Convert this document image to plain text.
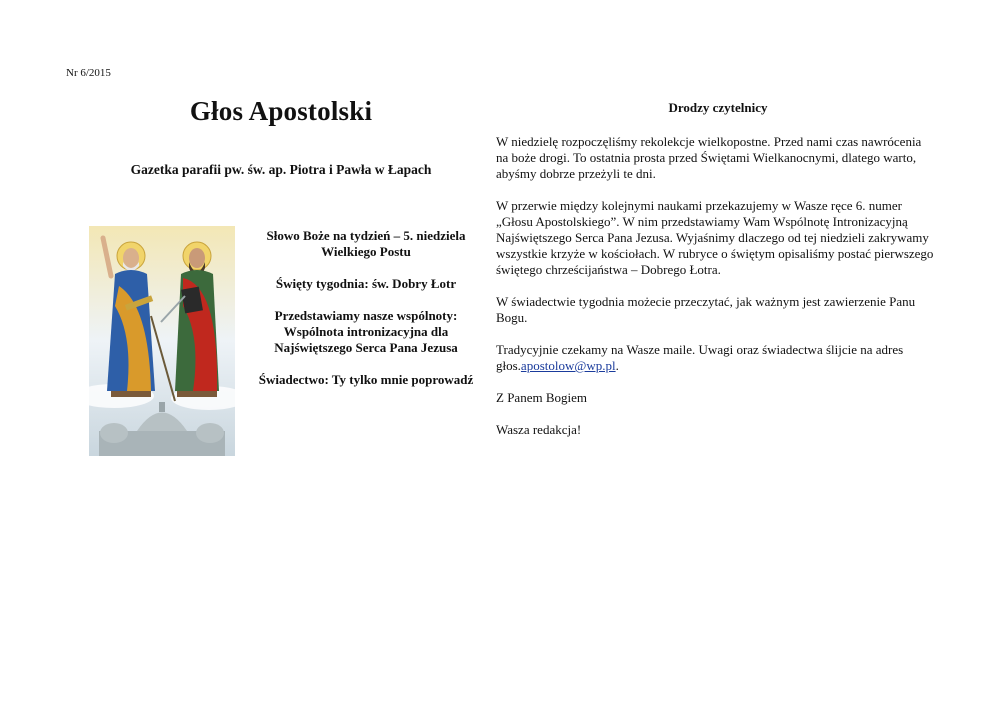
Nr 6/2015
Głos Apostolski
Gazetka parafii pw. św. ap. Piotra i Pawła w Łapach

Słowo Boże na tydzień – 5. niedziela Wielkiego Postu

Święty tygodnia: św. Dobry Łotr

Przedstawiamy nasze wspólnoty: Wspólnota intronizacyjna dla Najświętszego Serca Pana Jezusa

Świadectwo: Ty tylko mnie poprowadź

Drodzy czytelnicy

W niedzielę rozpoczęliśmy rekolekcje wielkopostne. Przed nami czas nawrócenia na boże drogi. To ostatnia prosta przed Świętami Wielkanocnymi, dlatego warto, abyśmy dobrze przeżyli te dni.

W przerwie między kolejnymi naukami przekazujemy w Wasze ręce 6. numer „Głosu Apostolskiego”. W nim przedstawiamy Wam Wspólnotę Intronizacyjną Najświętszego Serca Pana Jezusa. Wyjaśnimy dlaczego od tej niedzieli zakrywamy wszystkie krzyże w kościołach. W rubryce o świętym opisaliśmy postać pierwszego świętego chrześcijaństwa – Dobrego Łotra.

W świadectwie tygodnia możecie przeczytać, jak ważnym jest zawierzenie Panu Bogu.

Tradycyjnie czekamy na Wasze maile. Uwagi oraz świadectwa ślijcie na adres głos.apostolow@wp.pl.

Z Panem Bogiem

Wasza redakcja!
